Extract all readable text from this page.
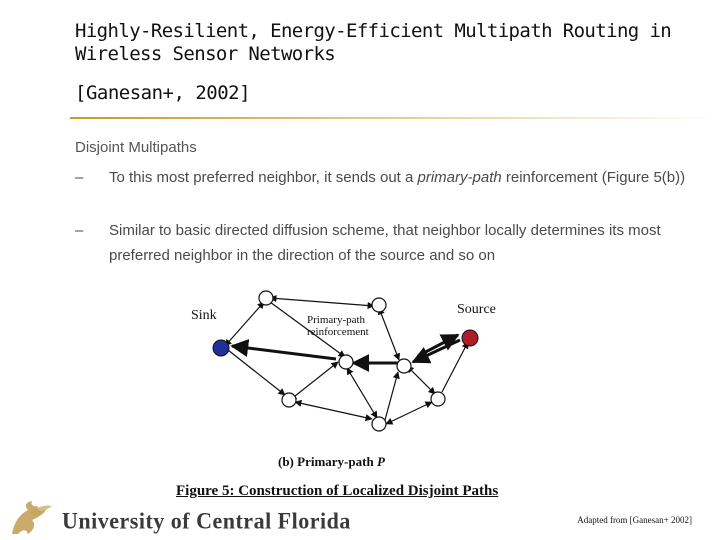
Highly-Resilient, Energy-Efficient Multipath Routing in Wireless Sensor Networks
[Ganesan+, 2002]
Disjoint Multipaths
– To this most preferred neighbor, it sends out a primary-path reinforcement (Figure 5(b))
– Similar to basic directed diffusion scheme, that neighbor locally determines its most preferred neighbor in the direction of the source and so on
Sink	Source
Primary-path
reinforcement
(b) Primary-path P
Figure 5: Construction of Localized Disjoint Paths
University of Central Florida	Adapted from [Ganesan+ 2002]
